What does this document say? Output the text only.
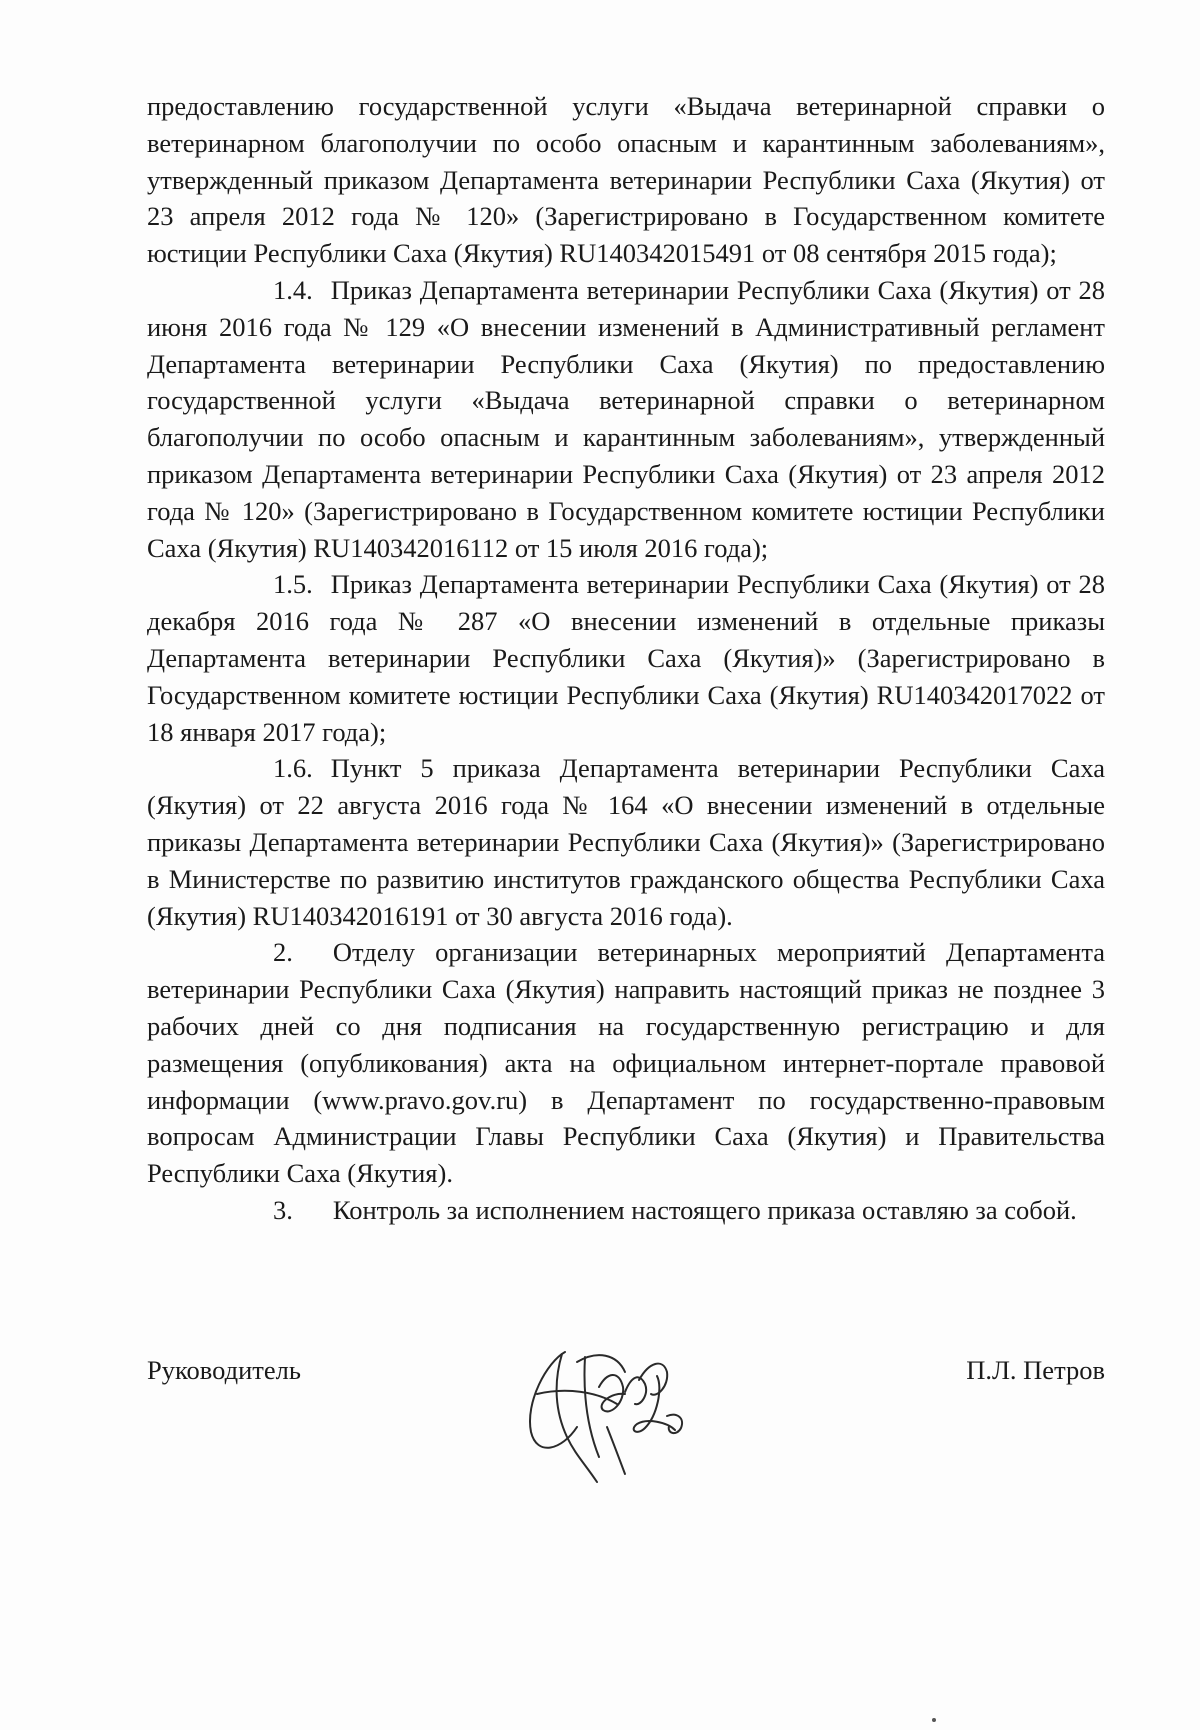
предоставлению государственной услуги «Выдача ветеринарной справки о ветеринарном благополучии по особо опасным и карантинным заболеваниям», утвержденный приказом Департамента ветеринарии Республики Саха (Якутия) от 23 апреля 2012 года № 120» (Зарегистрировано в Государственном комитете юстиции Республики Саха (Якутия) RU140342015491 от 08 сентября 2015 года);

1.4. Приказ Департамента ветеринарии Республики Саха (Якутия) от 28 июня 2016 года № 129 «О внесении изменений в Административный регламент Департамента ветеринарии Республики Саха (Якутия) по предоставлению государственной услуги «Выдача ветеринарной справки о ветеринарном благополучии по особо опасным и карантинным заболеваниям», утвержденный приказом Департамента ветеринарии Республики Саха (Якутия) от 23 апреля 2012 года № 120» (Зарегистрировано в Государственном комитете юстиции Республики Саха (Якутия) RU140342016112 от 15 июля 2016 года);

1.5. Приказ Департамента ветеринарии Республики Саха (Якутия) от 28 декабря 2016 года № 287 «О внесении изменений в отдельные приказы Департамента ветеринарии Республики Саха (Якутия)» (Зарегистрировано в Государственном комитете юстиции Республики Саха (Якутия) RU140342017022 от 18 января 2017 года);

1.6. Пункт 5 приказа Департамента ветеринарии Республики Саха (Якутия) от 22 августа 2016 года № 164 «О внесении изменений в отдельные приказы Департамента ветеринарии Республики Саха (Якутия)» (Зарегистрировано в Министерстве по развитию институтов гражданского общества Республики Саха (Якутия) RU140342016191 от 30 августа 2016 года).

2. Отделу организации ветеринарных мероприятий Департамента ветеринарии Республики Саха (Якутия) направить настоящий приказ не позднее 3 рабочих дней со дня подписания на государственную регистрацию и для размещения (опубликования) акта на официальном интернет-портале правовой информации (www.pravo.gov.ru) в Департамент по государственно-правовым вопросам Администрации Главы Республики Саха (Якутия) и Правительства Республики Саха (Якутия).

3. Контроль за исполнением настоящего приказа оставляю за собой.

Руководитель	П.Л. Петров
